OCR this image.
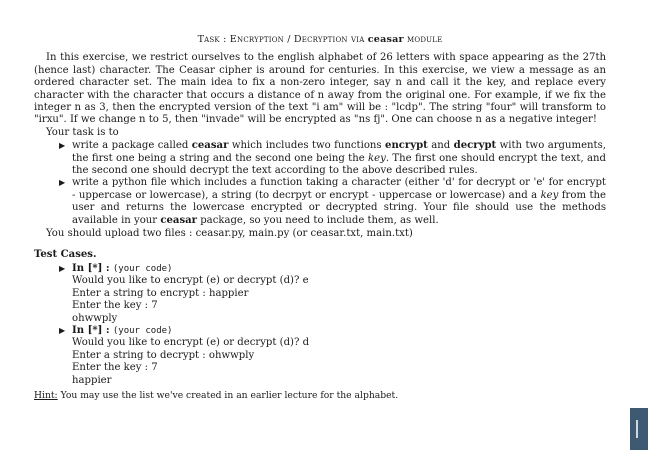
Task : Encryption / Decryption via ceasar module

In this exercise, we restrict ourselves to the english alphabet of 26 letters with space appearing as the 27th (hence last) character. The Ceasar cipher is around for centuries. In this exercise, we view a message as an ordered character set. The main idea to fix a non-zero integer, say n and call it the key, and replace every character with the character that occurs a distance of n away from the original one. For example, if we fix the integer n as 3, then the encrypted version of the text "i am" will be : "lcdp". The string "four" will transform to "irxu". If we change n to 5, then "invade" will be encrypted as "ns fj". One can choose n as a negative integer!

Your task is to

▶ write a package called ceasar which includes two functions encrypt and decrypt with two arguments, the first one being a string and the second one being the key. The first one should encrypt the text, and the second one should decrypt the text according to the above described rules.
▶ write a python file which includes a function taking a character (either 'd' for decrypt or 'e' for encrypt - uppercase or lowercase), a string (to decrpyt or encrypt - uppercase or lowercase) and a key from the user and returns the lowercase encrypted or decrypted string. Your file should use the methods available in your ceasar package, so you need to include them, as well.

You should upload two files : ceasar.py, main.py (or ceasar.txt, main.txt)

Test Cases.
▶ In [*] : (your code)
Would you like to encrypt (e) or decrypt (d)? e
Enter a string to encrypt : happier
Enter the key : 7
ohwwply
▶ In [*] : (your code)
Would you like to encrypt (e) or decrypt (d)? d
Enter a string to decrypt : ohwwply
Enter the key : 7
happier
Hint: You may use the list we've created in an earlier lecture for the alphabet.
